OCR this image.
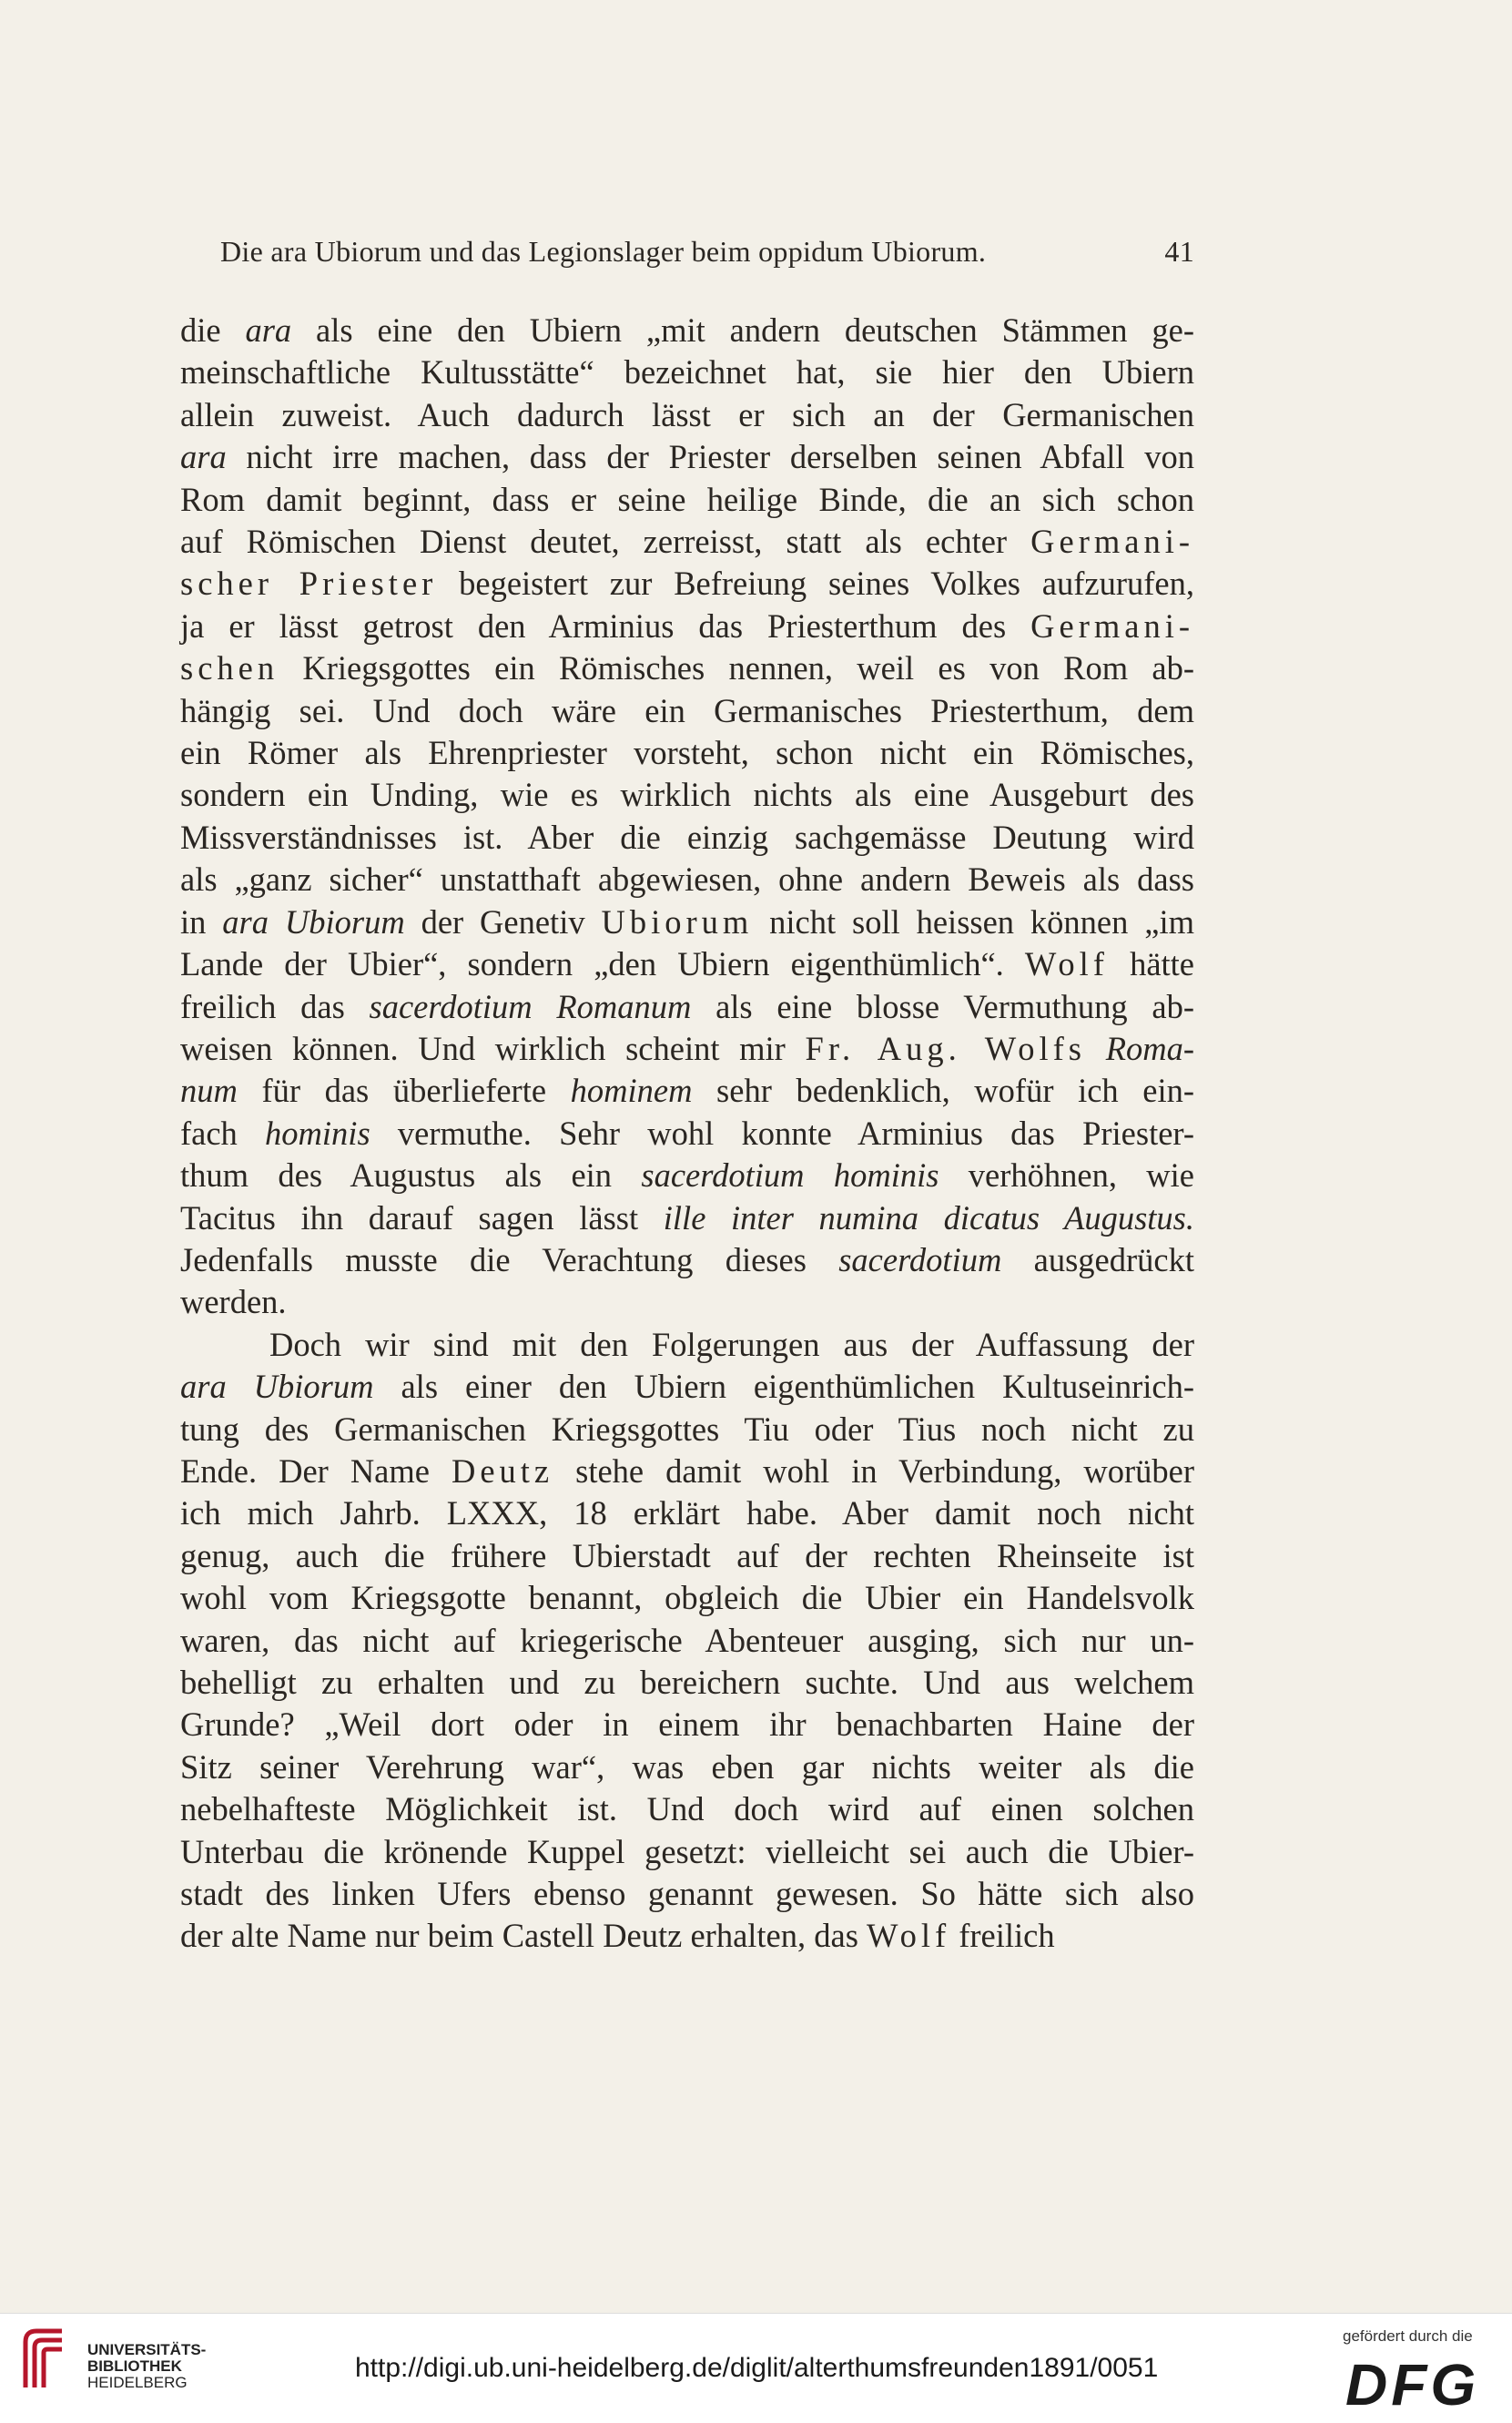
Die ara Ubiorum und das Legionslager beim oppidum Ubiorum.	41
die ara als eine den Ubiern „mit andern deutschen Stämmen ge-
meinschaftliche Kultusstätte“ bezeichnet hat, sie hier den Ubiern
allein zuweist. Auch dadurch lässt er sich an der Germanischen
ara nicht irre machen, dass der Priester derselben seinen Abfall von
Rom damit beginnt, dass er seine heilige Binde, die an sich schon
auf Römischen Dienst deutet, zerreisst, statt als echter Germani-
scher Priester begeistert zur Befreiung seines Volkes aufzurufen,
ja er lässt getrost den Arminius das Priesterthum des Germani-
schen Kriegsgottes ein Römisches nennen, weil es von Rom ab-
hängig sei. Und doch wäre ein Germanisches Priesterthum, dem
ein Römer als Ehrenpriester vorsteht, schon nicht ein Römisches,
sondern ein Unding, wie es wirklich nichts als eine Ausgeburt des
Missverständnisses ist. Aber die einzig sachgemässe Deutung wird
als „ganz sicher“ unstatthaft abgewiesen, ohne andern Beweis als dass
in ara Ubiorum der Genetiv Ubiorum nicht soll heissen können „im
Lande der Ubier“, sondern „den Ubiern eigenthümlich“. Wolf hätte
freilich das sacerdotium Romanum als eine blosse Vermuthung ab-
weisen können. Und wirklich scheint mir Fr. Aug. Wolfs Roma-
num für das überlieferte hominem sehr bedenklich, wofür ich ein-
fach hominis vermuthe. Sehr wohl konnte Arminius das Priester-
thum des Augustus als ein sacerdotium hominis verhöhnen, wie
Tacitus ihn darauf sagen lässt ille inter numina dicatus Augustus.
Jedenfalls musste die Verachtung dieses sacerdotium ausgedrückt
werden.
Doch wir sind mit den Folgerungen aus der Auffassung der
ara Ubiorum als einer den Ubiern eigenthümlichen Kultuseinrich-
tung des Germanischen Kriegsgottes Tiu oder Tius noch nicht zu
Ende. Der Name Deutz stehe damit wohl in Verbindung, worüber
ich mich Jahrb. LXXX, 18 erklärt habe. Aber damit noch nicht
genug, auch die frühere Ubierstadt auf der rechten Rheinseite ist
wohl vom Kriegsgotte benannt, obgleich die Ubier ein Handelsvolk
waren, das nicht auf kriegerische Abenteuer ausging, sich nur un-
behelligt zu erhalten und zu bereichern suchte. Und aus welchem
Grunde? „Weil dort oder in einem ihr benachbarten Haine der
Sitz seiner Verehrung war“, was eben gar nichts weiter als die
nebelhafteste Möglichkeit ist. Und doch wird auf einen solchen
Unterbau die krönende Kuppel gesetzt: vielleicht sei auch die Ubier-
stadt des linken Ufers ebenso genannt gewesen. So hätte sich also
der alte Name nur beim Castell Deutz erhalten, das Wolf freilich
UNIVERSITÄTS-
BIBLIOTHEK
HEIDELBERG	http://digi.ub.uni-heidelberg.de/diglit/alterthumsfreunden1891/0051
gefördert durch die
DFG
